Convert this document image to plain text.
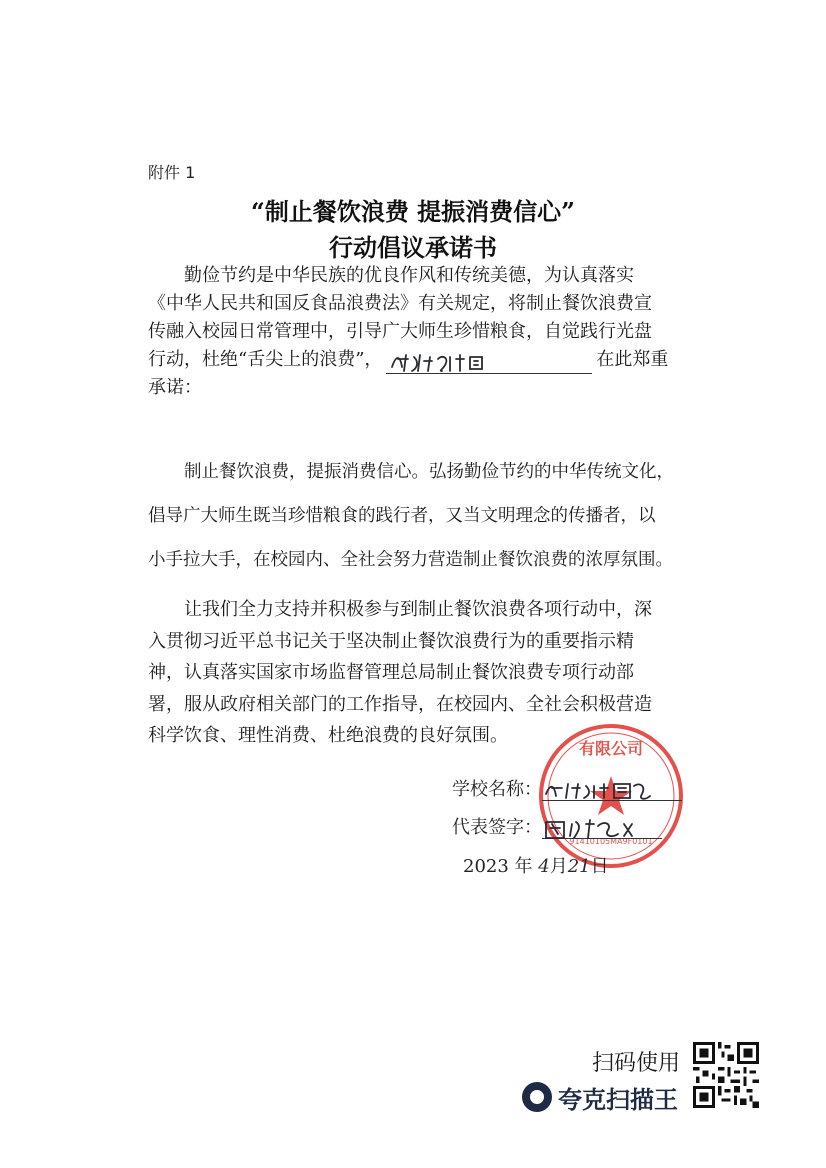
附件 1
“制止餐饮浪费 提振消费信心”
行动倡议承诺书
勤俭节约是中华民族的优良作风和传统美德，为认真落实
《中华人民共和国反食品浪费法》有关规定，将制止餐饮浪费宣
传融入校园日常管理中，引导广大师生珍惜粮食，自觉践行光盘
行动，杜绝“舌尖上的浪费”，	在此郑重
承诺：
制止餐饮浪费，提振消费信心。弘扬勤俭节约的中华传统文化，
倡导广大师生既当珍惜粮食的践行者，又当文明理念的传播者，以
小手拉大手，在校园内、全社会努力营造制止餐饮浪费的浓厚氛围。
让我们全力支持并积极参与到制止餐饮浪费各项行动中，深
入贯彻习近平总书记关于坚决制止餐饮浪费行为的重要指示精
神，认真落实国家市场监督管理总局制止餐饮浪费专项行动部
署，服从政府相关部门的工作指导，在校园内、全社会积极营造
科学饮食、理性消费、杜绝浪费的良好氛围。
有限公司
91410105MA9F0101
学校名称：
代表签字：
2023 年 4月21日
扫码使用
夸克扫描王
